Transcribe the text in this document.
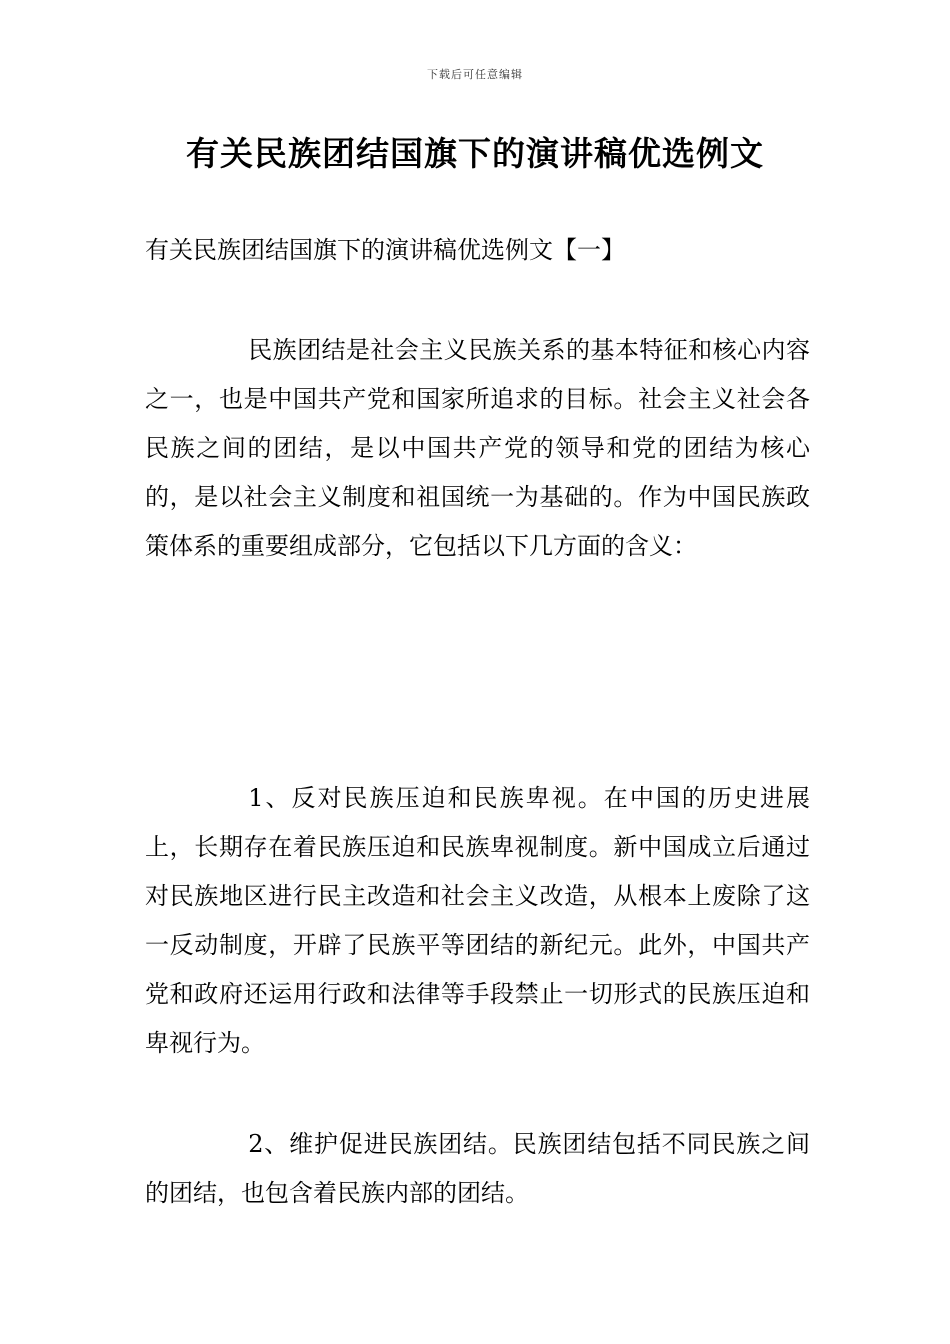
下载后可任意编辑
有关民族团结国旗下的演讲稿优选例文
有关民族团结国旗下的演讲稿优选例文【一】

民族团结是社会主义民族关系的基本特征和核心内容之一，也是中国共产党和国家所追求的目标。社会主义社会各民族之间的团结，是以中国共产党的领导和党的团结为核心的，是以社会主义制度和祖国统一为基础的。作为中国民族政策体系的重要组成部分，它包括以下几方面的含义：

1、反对民族压迫和民族卑视。在中国的历史进展上，长期存在着民族压迫和民族卑视制度。新中国成立后通过对民族地区进行民主改造和社会主义改造，从根本上废除了这一反动制度，开辟了民族平等团结的新纪元。此外，中国共产党和政府还运用行政和法律等手段禁止一切形式的民族压迫和卑视行为。

2、维护促进民族团结。民族团结包括不同民族之间的团结，也包含着民族内部的团结。
